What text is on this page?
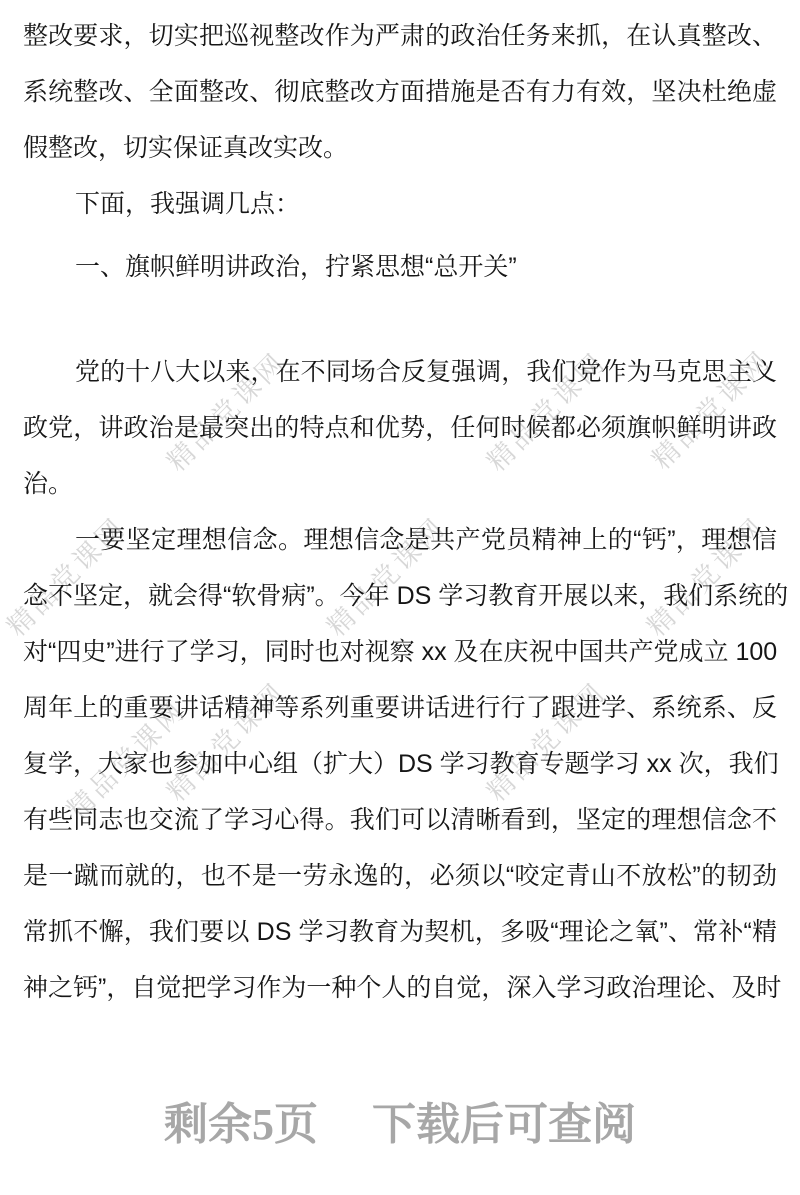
精品党课网	精品党课网 精品党课网
精品党课网	精品党课网	精品党课网
精品党课网	精品党课网
精品党课网
整改要求，切实把巡视整改作为严肃的政治任务来抓，在认真整改、
系统整改、全面整改、彻底整改方面措施是否有力有效，坚决杜绝虚
假整改，切实保证真改实改。
下面，我强调几点：
一、旗帜鲜明讲政治，拧紧思想“总开关”
党的十八大以来，在不同场合反复强调，我们党作为马克思主义
政党，讲政治是最突出的特点和优势，任何时候都必须旗帜鲜明讲政
治。
一要坚定理想信念。理想信念是共产党员精神上的“钙”，理想信
念不坚定，就会得“软骨病”。今年 DS 学习教育开展以来，我们系统的
对“四史”进行了学习，同时也对视察 xx 及在庆祝中国共产党成立 100
周年上的重要讲话精神等系列重要讲话进行行了跟进学、系统系、反
复学，大家也参加中心组（扩大）DS 学习教育专题学习 xx 次，我们
有些同志也交流了学习心得。我们可以清晰看到，坚定的理想信念不
是一蹴而就的，也不是一劳永逸的，必须以“咬定青山不放松”的韧劲
常抓不懈，我们要以 DS 学习教育为契机，多吸“理论之氧”、常补“精
神之钙”，自觉把学习作为一种个人的自觉，深入学习政治理论、及时
剩余5页 下载后可查阅
